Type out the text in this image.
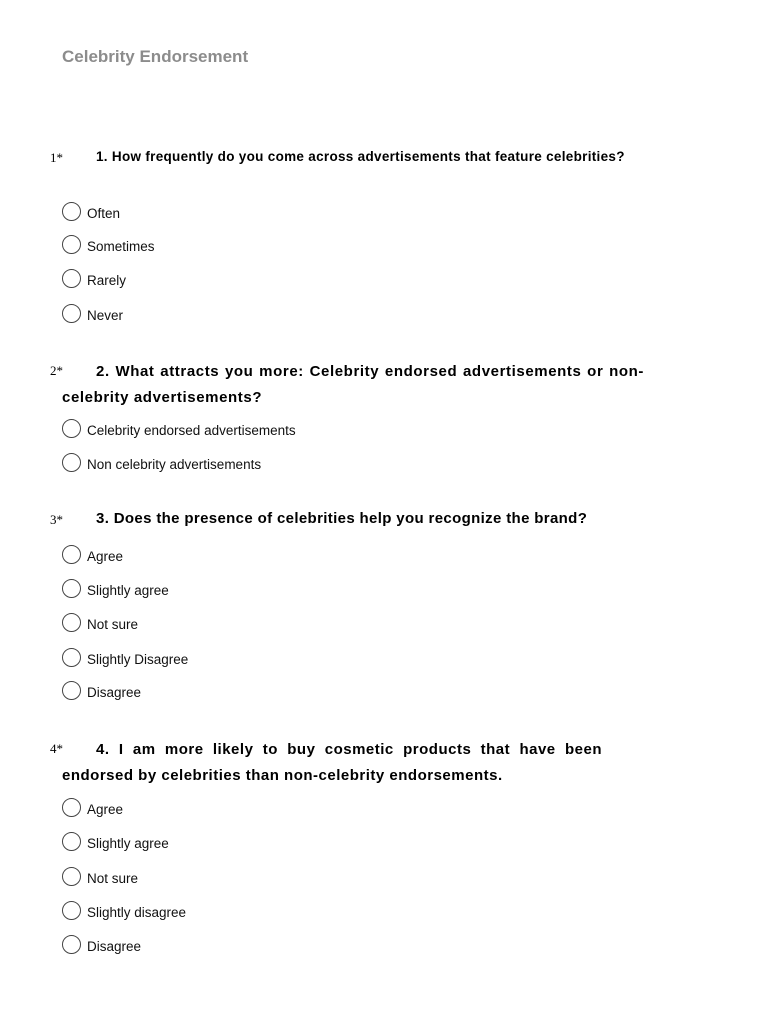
Celebrity Endorsement
1*	1. How frequently do you come across advertisements that feature celebrities?
Often
Sometimes
Rarely
Never
2*	2. What attracts you more: Celebrity endorsed advertisements or non-celebrity advertisements?
Celebrity endorsed advertisements
Non celebrity advertisements
3*	3. Does the presence of celebrities help you recognize the brand?
Agree
Slightly agree
Not sure
Slightly Disagree
Disagree
4*	4. I am more likely to buy cosmetic products that have been endorsed by celebrities than non-celebrity endorsements.
Agree
Slightly agree
Not sure
Slightly disagree
Disagree
